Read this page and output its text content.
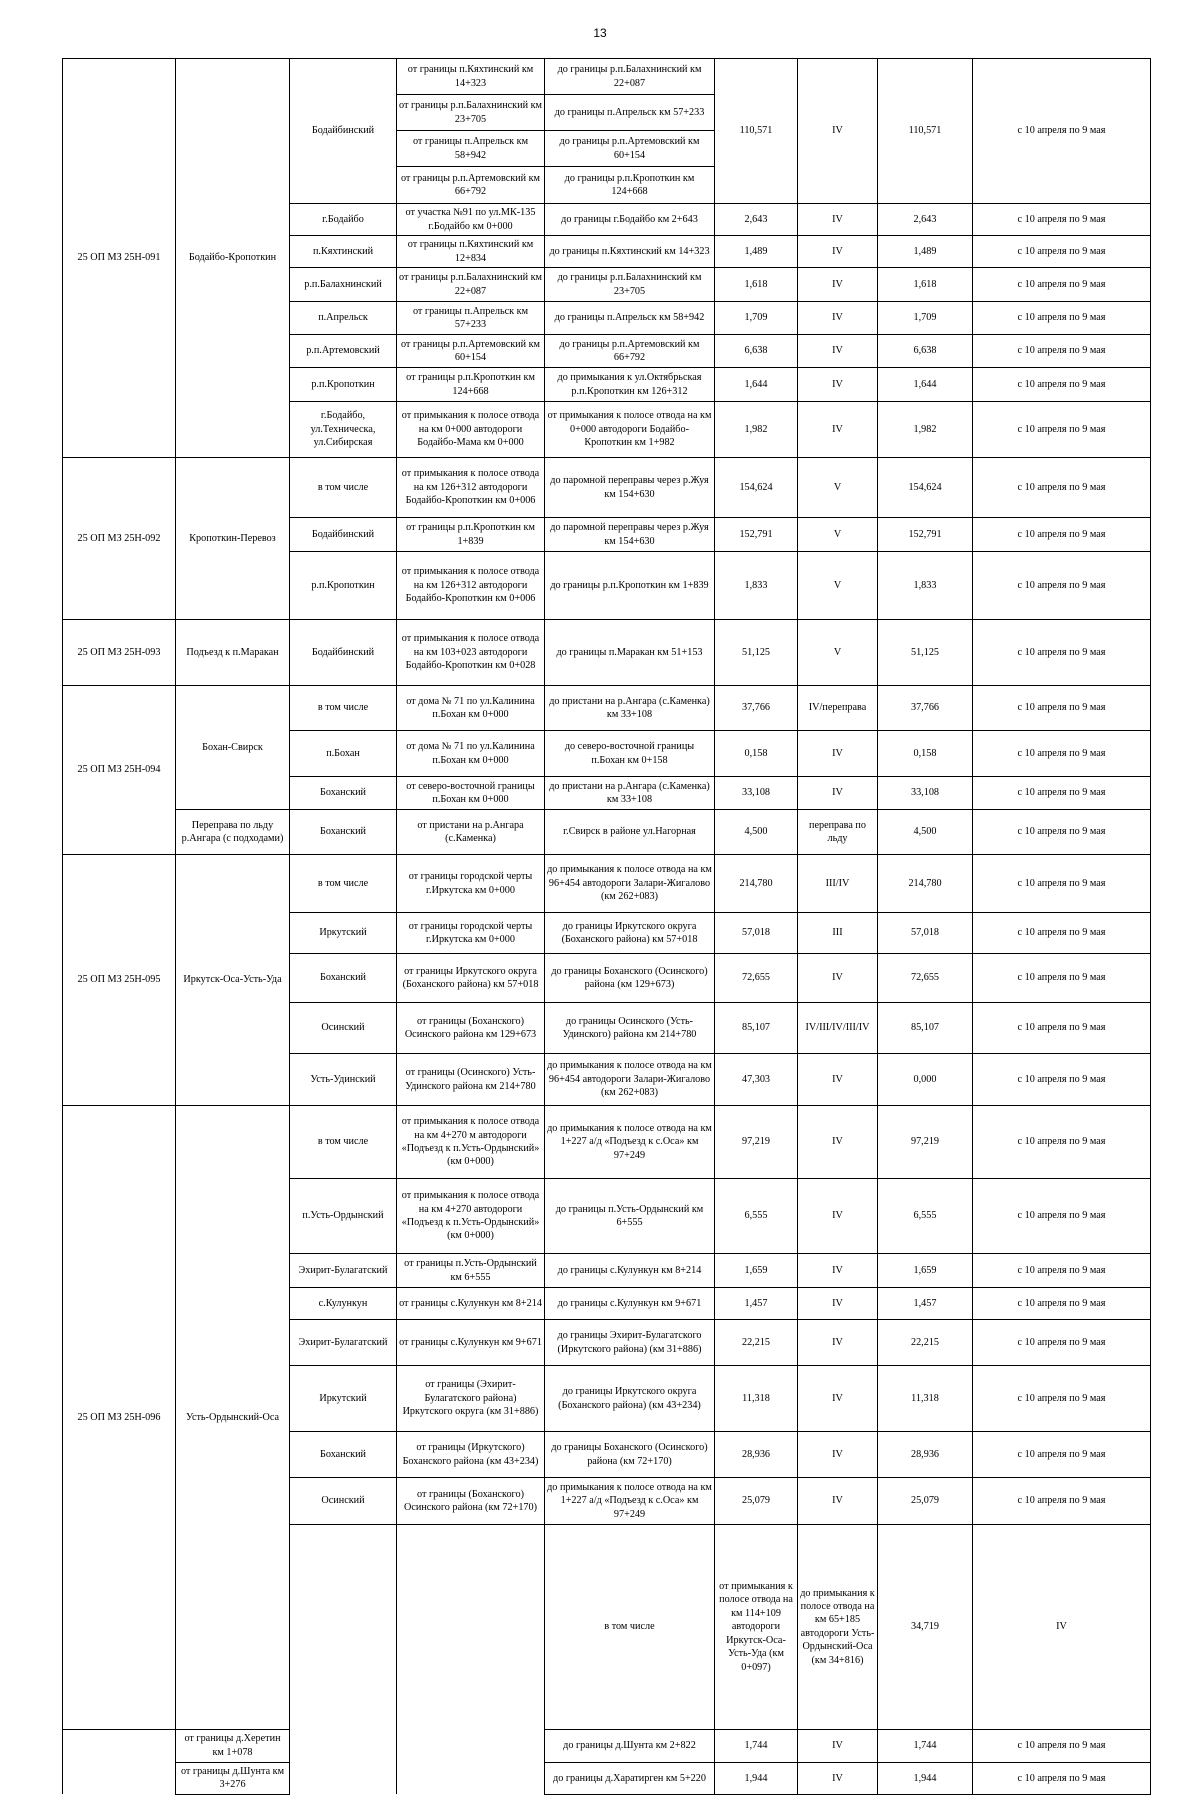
13
25 ОП МЗ 25Н-091	Бодайбо-Кропоткин	Бодайбинский	от границы п.Кяхтинский км 14+323	до границы р.п.Балахнинский км 22+087	110,571	IV	110,571	с 10 апреля по 9 мая	
			от границы р.п.Балахнинский км 23+705	до границы п.Апрельск км 57+233					
			от границы п.Апрельск км 58+942	до границы р.п.Артемовский км 60+154					
			от границы р.п.Артемовский км 66+792	до границы р.п.Кропоткин км 124+668					
		г.Бодайбо	от участка №91 по ул.МК-135 г.Бодайбо км 0+000	до границы г.Бодайбо км 2+643	2,643	IV	2,643	с 10 апреля по 9 мая	
		п.Кяхтинский	от границы п.Кяхтинский км 12+834	до границы п.Кяхтинский км 14+323	1,489	IV	1,489	с 10 апреля по 9 мая	
		р.п.Балахнинский	от границы р.п.Балахнинский км 22+087	до границы р.п.Балахнинский км 23+705	1,618	IV	1,618	с 10 апреля по 9 мая	
		п.Апрельск	от границы п.Апрельск км 57+233	до границы п.Апрельск км 58+942	1,709	IV	1,709	с 10 апреля по 9 мая	
		р.п.Артемовский	от границы р.п.Артемовский км 60+154	до границы р.п.Артемовский км 66+792	6,638	IV	6,638	с 10 апреля по 9 мая	
		р.п.Кропоткин	от границы р.п.Кропоткин км 124+668	до примыкания к ул.Октябрьская р.п.Кропоткин км 126+312	1,644	IV	1,644	с 10 апреля по 9 мая	
		г.Бодайбо, ул.Техническа, ул.Сибирская	от примыкания к полосе отвода на км 0+000 автодороги Бодайбо-Мама км 0+000	от примыкания к полосе отвода на км 0+000 автодороги Бодайбо-Кропоткин км 1+982	1,982	IV	1,982	с 10 апреля по 9 мая	
25 ОП МЗ 25Н-092	Кропоткин-Перевоз	в том числе	от примыкания к полосе отвода на км 126+312 автодороги Бодайбо-Кропоткин км 0+006	до паромной переправы через р.Жуя км 154+630	154,624	V	154,624	с 10 апреля по 9 мая	
		Бодайбинский	от границы р.п.Кропоткин км 1+839	до паромной переправы через р.Жуя км 154+630	152,791	V	152,791	с 10 апреля по 9 мая	
		р.п.Кропоткин	от примыкания к полосе отвода на км 126+312 автодороги Бодайбо-Кропоткин км 0+006	до границы р.п.Кропоткин км 1+839	1,833	V	1,833	с 10 апреля по 9 мая	
25 ОП МЗ 25Н-093	Подъезд к п.Маракан	Бодайбинский	от примыкания к полосе отвода на км 103+023 автодороги Бодайбо-Кропоткин км 0+028	до границы п.Маракан км 51+153	51,125	V	51,125	с 10 апреля по 9 мая	
25 ОП МЗ 25Н-094	Бохан-Свирск	в том числе	от дома № 71 по ул.Калинина п.Бохан км 0+000	до пристани на р.Ангара (с.Каменка) км 33+108	37,766	IV/переправа	37,766	с 10 апреля по 9 мая	
		п.Бохан	от дома № 71 по ул.Калинина п.Бохан км 0+000	до северо-восточной границы п.Бохан км 0+158	0,158	IV	0,158	с 10 апреля по 9 мая	
		Боханский	от северо-восточной границы п.Бохан км 0+000	до пристани на р.Ангара (с.Каменка) км 33+108	33,108	IV	33,108	с 10 апреля по 9 мая	
	Переправа по льду р.Ангара (с подходами)	Боханский	от пристани на р.Ангара (с.Каменка)	г.Свирск в районе ул.Нагорная	4,500	переправа по льду	4,500	с 10 апреля по 9 мая	
25 ОП МЗ 25Н-095	Иркутск-Оса-Усть-Уда	в том числе	от границы городской черты г.Иркутска км 0+000	до примыкания к полосе отвода на км 96+454 автодороги Залари-Жигалово (км 262+083)	214,780	III/IV	214,780	с 10 апреля по 9 мая	
		Иркутский	от границы городской черты г.Иркутска км 0+000	до границы Иркутского округа (Боханского района) км 57+018	57,018	III	57,018	с 10 апреля по 9 мая	
		Боханский	от границы Иркутского округа (Боханского района) км 57+018	до границы Боханского (Осинского) района (км 129+673)	72,655	IV	72,655	с 10 апреля по 9 мая	
		Осинский	от границы (Боханского) Осинского района км 129+673	до границы Осинского (Усть-Удинского) района км 214+780	85,107	IV/III/IV/III/IV	85,107	с 10 апреля по 9 мая	
		Усть-Удинский	от границы (Осинского) Усть-Удинского района км 214+780	до примыкания к полосе отвода на км 96+454 автодороги Залари-Жигалово (км 262+083)	47,303	IV	0,000	с 10 апреля по 9 мая	
25 ОП МЗ 25Н-096	Усть-Ордынский-Оса	в том числе	от примыкания к полосе отвода на км 4+270 м автодороги «Подъезд к п.Усть-Ордынский» (км 0+000)	до примыкания к полосе отвода на км 1+227 а/д «Подъезд к с.Оса» км 97+249	97,219	IV	97,219	с 10 апреля по 9 мая	
		п.Усть-Ордынский	от примыкания к полосе отвода на км 4+270 автодороги «Подъезд к п.Усть-Ордынский» (км 0+000)	до границы п.Усть-Ордынский км 6+555	6,555	IV	6,555	с 10 апреля по 9 мая	
		Эхирит-Булагатский	от границы п.Усть-Ордынский км 6+555	до границы с.Кулункун км 8+214	1,659	IV	1,659	с 10 апреля по 9 мая	
		с.Кулункун	от границы с.Кулункун км 8+214	до границы с.Кулункун км 9+671	1,457	IV	1,457	с 10 апреля по 9 мая	
		Эхирит-Булагатский	от границы с.Кулункун км 9+671	до границы Эхирит-Булагатского (Иркутского района) (км 31+886)	22,215	IV	22,215	с 10 апреля по 9 мая	
		Иркутский	от границы (Эхирит-Булагатского района) Иркутского округа (км 31+886)	до границы Иркутского округа (Боханского района) (км 43+234)	11,318	IV	11,318	с 10 апреля по 9 мая	
		Боханский	от границы (Иркутского) Боханского района (км 43+234)	до границы Боханского (Осинского) района (км 72+170)	28,936	IV	28,936	с 10 апреля по 9 мая	
		Осинский	от границы (Боханского) Осинского района (км 72+170)	до примыкания к полосе отвода на км 1+227 а/д «Подъезд к с.Оса» км 97+249	25,079	IV	25,079	с 10 апреля по 9 мая	
				в том числе	от примыкания к полосе отвода на км 114+109 автодороги Иркутск-Оса-Усть-Уда (км 0+097)	до примыкания к полосе отвода на км 65+185 автодороги Усть-Ордынский-Оса (км 34+816)	34,719	IV		
	от границы д.Херетин км 1+078			до границы д.Шунта км 2+822	1,744	IV	1,744	с 10 апреля по 9 мая	
	от границы д.Шунта км 3+276			до границы д.Харатирген км 5+220	1,944	IV	1,944	с 10 апреля по 9 мая	
